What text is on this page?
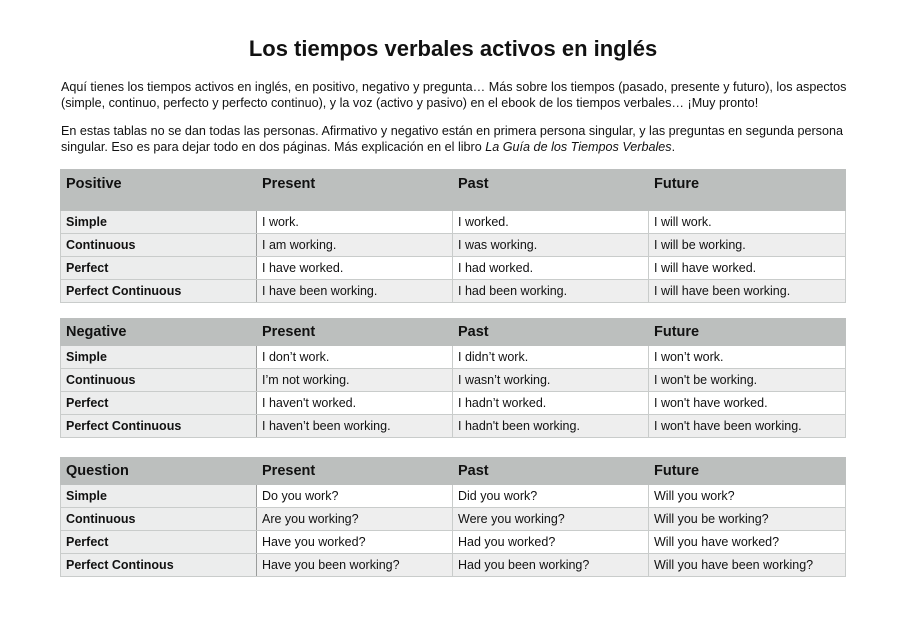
Los tiempos verbales activos en inglés

Aquí tienes los tiempos activos en inglés, en positivo, negativo y pregunta… Más sobre los tiempos (pasado, presente y futuro), los aspectos (simple, continuo, perfecto y perfecto continuo), y la voz (activo y pasivo) en el ebook de los tiempos verbales… ¡Muy pronto!

En estas tablas no se dan todas las personas. Afirmativo y negativo están en primera persona singular, y las preguntas en segunda persona singular. Eso es para dejar todo en dos páginas. Más explicación en el libro La Guía de los Tiempos Verbales.

Positive	Present	Past	Future
Simple	I work.	I worked.	I will work.
Continuous	I am working.	I was working.	I will be working.
Perfect	I have worked.	I had worked.	I will have worked.
Perfect Continuous	I have been working.	I had been working.	I will have been working.
Negative	Present	Past	Future
Simple	I don’t work.	I didn’t work.	I won’t work.
Continuous	I’m not working.	I wasn’t working.	I won't be working.
Perfect	I haven't worked.	I hadn’t worked.	I won't have worked.
Perfect Continuous	I haven’t been working.	I hadn't been working.	I won't have been working.
Question	Present	Past	Future
Simple	Do you work?	Did you work?	Will you work?
Continuous	Are you working?	Were you working?	Will you be working?
Perfect	Have you worked?	Had you worked?	Will you have worked?
Perfect Continous	Have you been working?	Had you been working?	Will you have been working?
